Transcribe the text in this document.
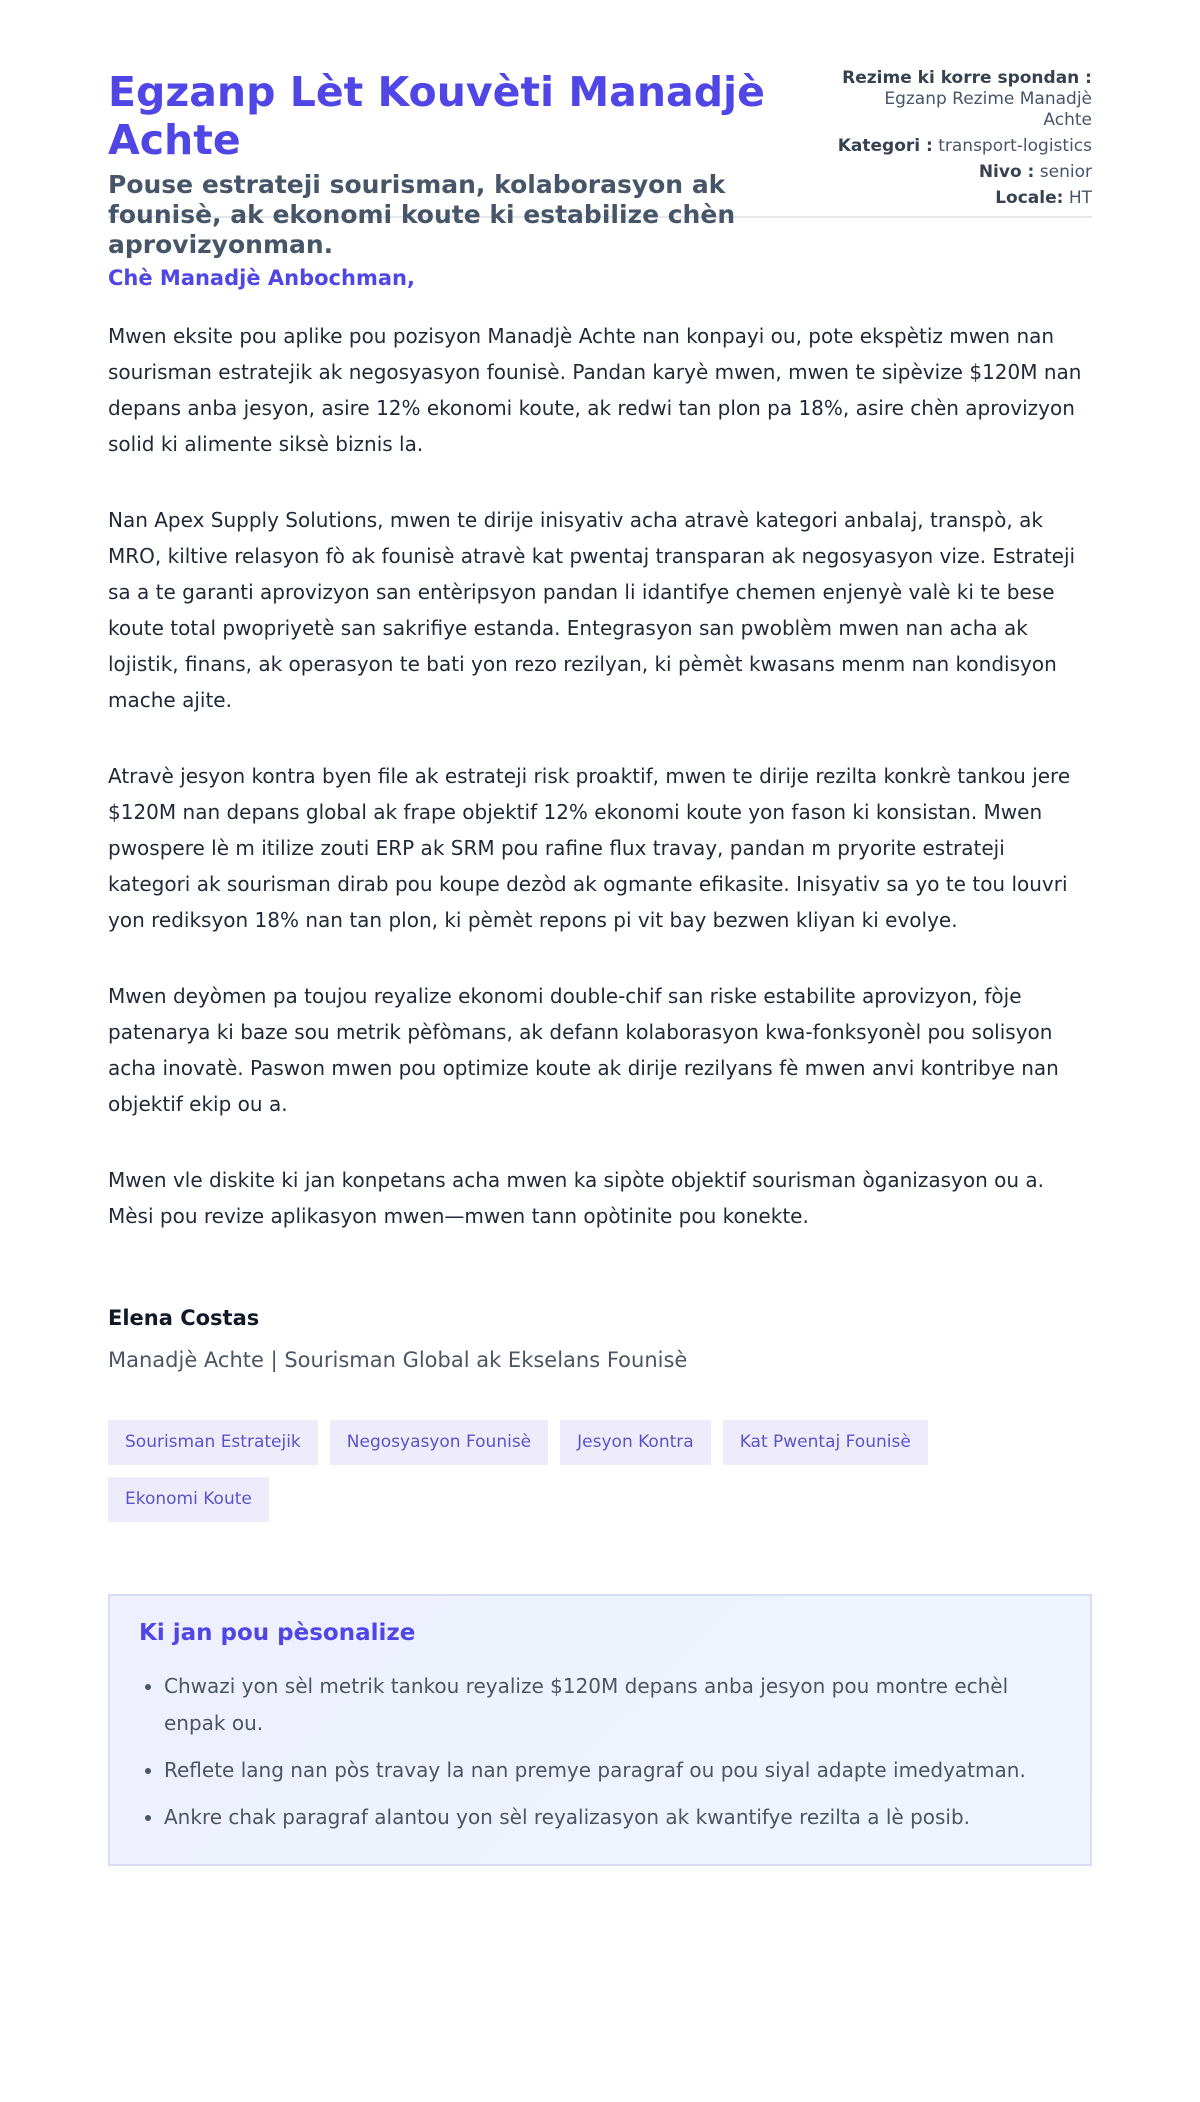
Egzanp Lèt Kouvèti Manadjè Achte
Pouse estrateji sourisman, kolaborasyon ak founisè, ak ekonomi koute ki estabilize chèn aprovizyonman.
Rezime ki korre spondan : Egzanp Rezime Manadjè Achte
Kategori : transport-logistics
Nivo : senior
Locale: HT

Chè Manadjè Anbochman,

Mwen eksite pou aplike pou pozisyon Manadjè Achte nan konpayi ou, pote ekspètiz mwen nan sourisman estratejik ak negosyasyon founisè. Pandan karyè mwen, mwen te sipèvize $120M nan depans anba jesyon, asire 12% ekonomi koute, ak redwi tan plon pa 18%, asire chèn aprovizyon solid ki alimente siksè biznis la.

Nan Apex Supply Solutions, mwen te dirije inisyativ acha atravè kategori anbalaj, transpò, ak MRO, kiltive relasyon fò ak founisè atravè kat pwentaj transparan ak negosyasyon vize. Estrateji sa a te garanti aprovizyon san entèripsyon pandan li idantifye chemen enjenyè valè ki te bese koute total pwopriyetè san sakrifiye estanda. Entegrasyon san pwoblèm mwen nan acha ak lojistik, finans, ak operasyon te bati yon rezo rezilyan, ki pèmèt kwasans menm nan kondisyon mache ajite.

Atravè jesyon kontra byen file ak estrateji risk proaktif, mwen te dirije rezilta konkrè tankou jere $120M nan depans global ak frape objektif 12% ekonomi koute yon fason ki konsistan. Mwen pwospere lè m itilize zouti ERP ak SRM pou rafine flux travay, pandan m pryorite estrateji kategori ak sourisman dirab pou koupe dezòd ak ogmante efikasite. Inisyativ sa yo te tou louvri yon rediksyon 18% nan tan plon, ki pèmèt repons pi vit bay bezwen kliyan ki evolye.

Mwen deyòmen pa toujou reyalize ekonomi double-chif san riske estabilite aprovizyon, fòje patenarya ki baze sou metrik pèfòmans, ak defann kolaborasyon kwa-fonksyonèl pou solisyon acha inovatè. Paswon mwen pou optimize koute ak dirije rezilyans fè mwen anvi kontribye nan objektif ekip ou a.

Mwen vle diskite ki jan konpetans acha mwen ka sipòte objektif sourisman òganizasyon ou a. Mèsi pou revize aplikasyon mwen—mwen tann opòtinite pou konekte.

Elena Costas
Manadjè Achte | Sourisman Global ak Ekselans Founisè
Sourisman Estratejik	Negosyasyon Founisè	Jesyon Kontra	Kat Pwentaj Founisè
Ekonomi Koute
Ki jan pou pèsonalize
• Chwazi yon sèl metrik tankou reyalize $120M depans anba jesyon pou montre echèl enpak ou.
• Reflete lang nan pòs travay la nan premye paragraf ou pou siyal adapte imedyatman.
• Ankre chak paragraf alantou yon sèl reyalizasyon ak kwantifye rezilta a lè posib.
